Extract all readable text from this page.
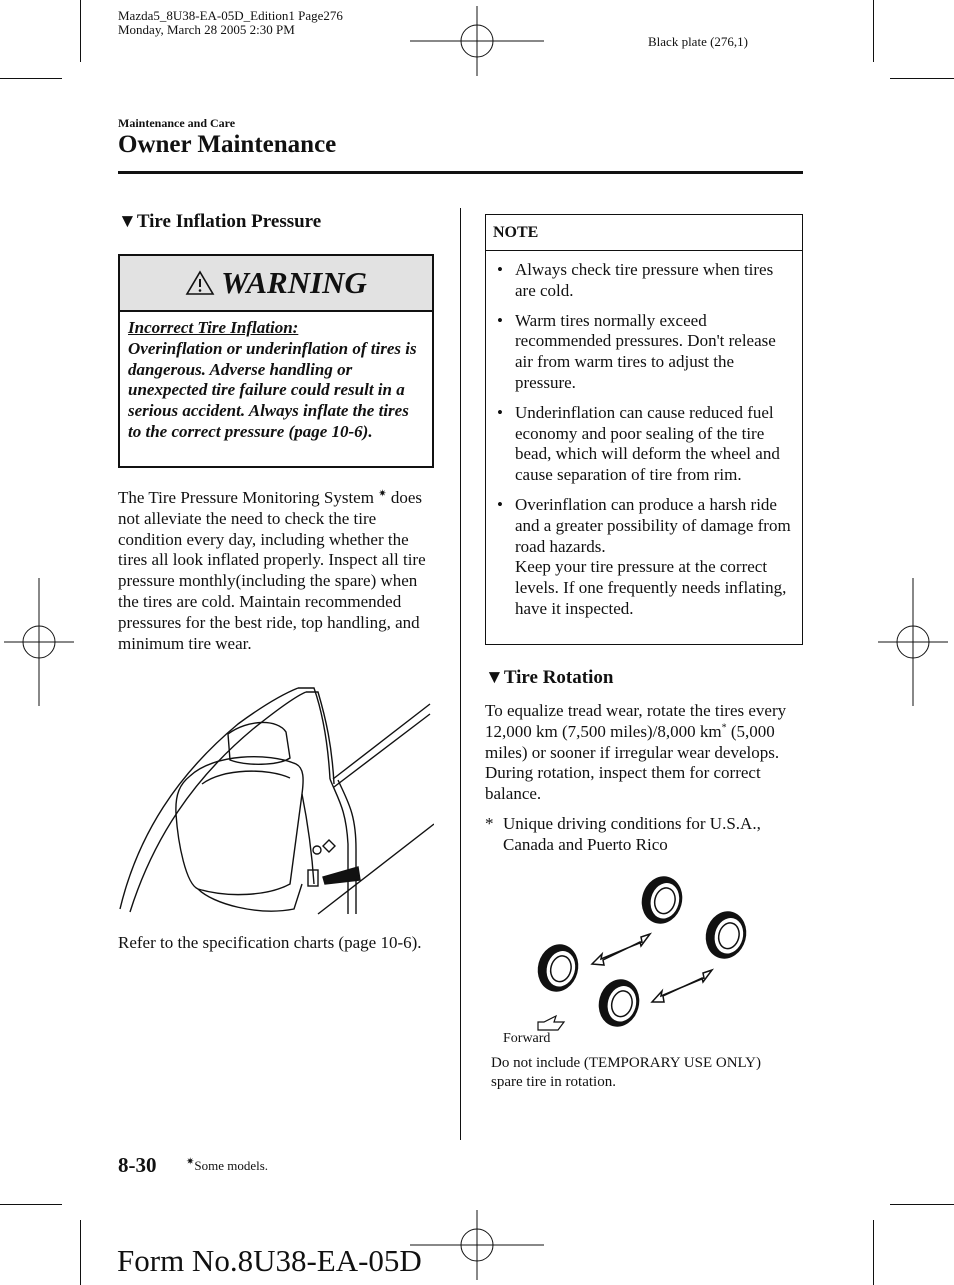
Mazda5_8U38-EA-05D_Edition1 Page276
Monday, March 28 2005 2:30 PM
Black plate (276,1)
Maintenance and Care
Owner Maintenance
▼Tire Inflation Pressure
WARNING
Incorrect Tire Inflation:
Overinflation or underinflation of tires is dangerous. Adverse handling or unexpected tire failure could result in a serious accident. Always inflate the tires to the correct pressure (page 10-6).
The Tire Pressure Monitoring System ✷ does not alleviate the need to check the tire condition every day, including whether the tires all look inflated properly. Inspect all tire pressure monthly(including the spare) when the tires are cold. Maintain recommended pressures for the best ride, top handling, and minimum tire wear.
Refer to the specification charts (page 10-6).
NOTE
• Always check tire pressure when tires are cold.
• Warm tires normally exceed recommended pressures. Don't release air from warm tires to adjust the pressure.
• Underinflation can cause reduced fuel economy and poor sealing of the tire bead, which will deform the wheel and cause separation of tire from rim.
• Overinflation can produce a harsh ride and a greater possibility of damage from road hazards.
Keep your tire pressure at the correct levels. If one frequently needs inflating, have it inspected.
▼Tire Rotation
To equalize tread wear, rotate the tires every 12,000 km (7,500 miles)/8,000 km* (5,000 miles) or sooner if irregular wear develops. During rotation, inspect them for correct balance.
* Unique driving conditions for U.S.A., Canada and Puerto Rico
Forward
Do not include (TEMPORARY USE ONLY) spare tire in rotation.
8-30	✷Some models.
Form No.8U38-EA-05D
